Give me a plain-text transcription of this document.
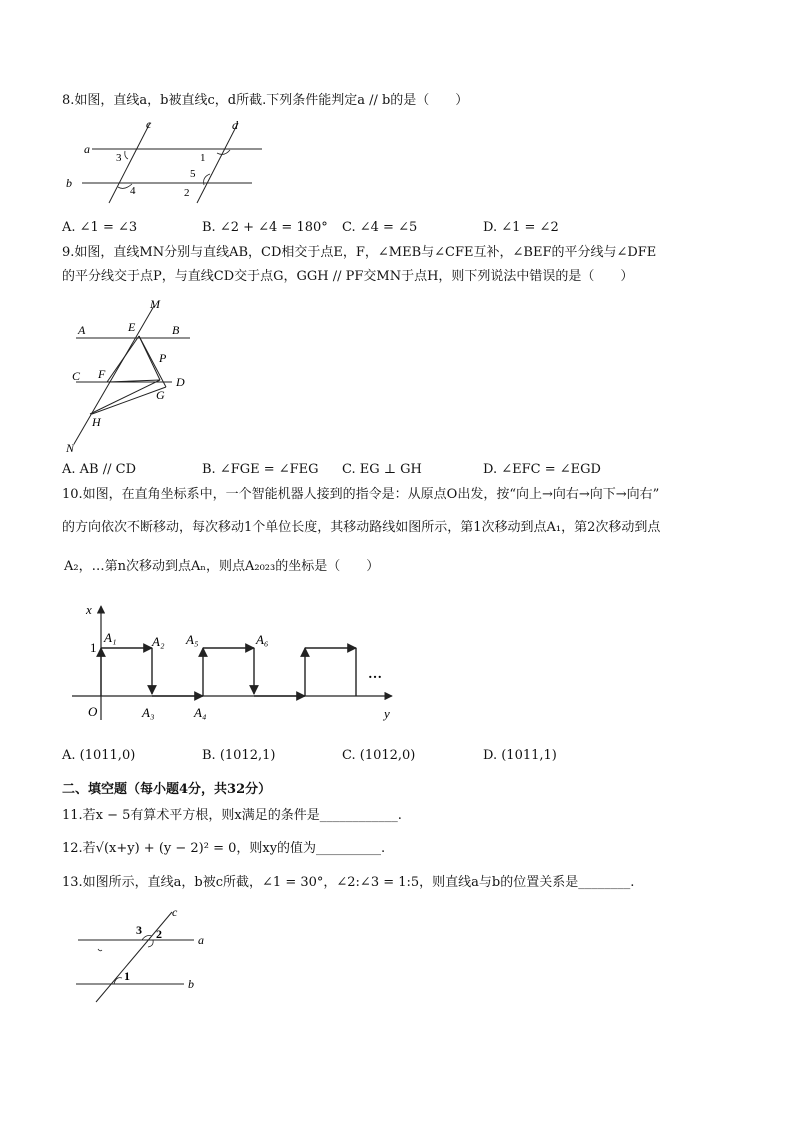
8.如图，直线a，b被直线c，d所截.下列条件能判定a // b的是（　　）
a
b
c	d
1
3
5
4	2
A. ∠1 = ∠3	B. ∠2 + ∠4 = 180° C. ∠4 = ∠5	D. ∠1 = ∠2
9.如图，直线MN分别与直线AB，CD相交于点E，F，∠MEB与∠CFE互补，∠BEF的平分线与∠DFE
的平分线交于点P，与直线CD交于点G，GGH // PF交MN于点H，则下列说法中错误的是（　　）
M
A	E	B
P
C F
D
G
H
N
A. AB // CD	B. ∠FGE = ∠FEG C. EG ⊥ GH	D. ∠EFC = ∠EGD
10.如图，在直角坐标系中，一个智能机器人接到的指令是：从原点O出发，按“向上→向右→向下→向右”
的方向依次不断移动，每次移动1个单位长度，其移动路线如图所示，第1次移动到点A₁，第2次移动到点
A₂，…第n次移动到点Aₙ，则点A₂₀₂₃的坐标是（　　）
x
y
O
1
A₁	A₂
A₃	A₄
A₅	A₆
…
A. (1011,0)	B. (1012,1)	C. (1012,0)	D. (1011,1)
二、填空题（每小题4分，共32分）
11.若x − 5有算术平方根，则x满足的条件是____________.
12.若√(x+y) + (y − 2)² = 0，则xy的值为__________.
13.如图所示，直线a，b被c所截，∠1 = 30°，∠2:∠3 = 1:5，则直线a与b的位置关系是________.
c
a
b
3 2
1
